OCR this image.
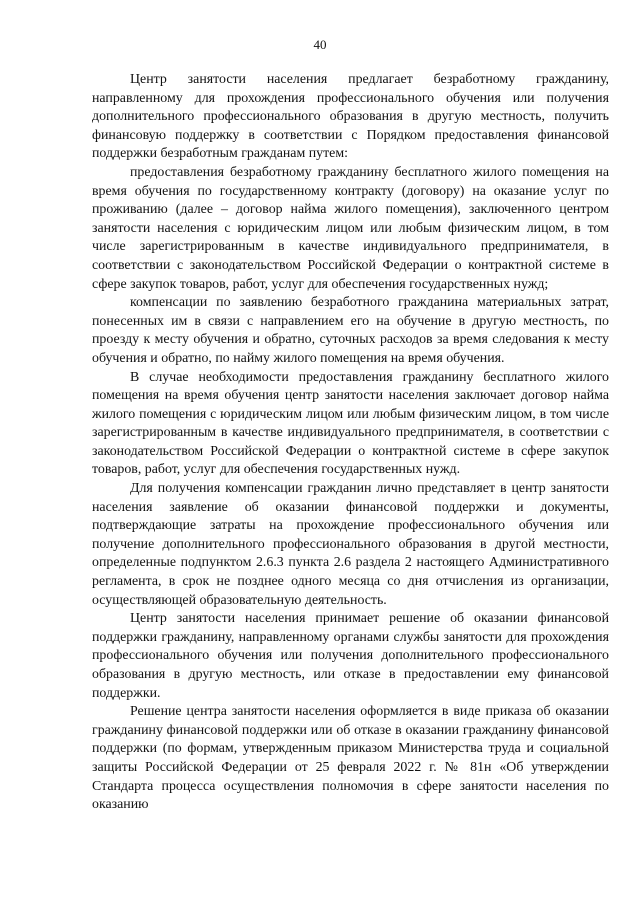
40

Центр занятости населения предлагает безработному гражданину, направленному для прохождения профессионального обучения или получения дополнительного профессионального образования в другую местность, получить финансовую поддержку в соответствии с Порядком предоставления финансовой поддержки безработным гражданам путем:

предоставления безработному гражданину бесплатного жилого помещения на время обучения по государственному контракту (договору) на оказание услуг по проживанию (далее – договор найма жилого помещения), заключенного центром занятости населения с юридическим лицом или любым физическим лицом, в том числе зарегистрированным в качестве индивидуального предпринимателя, в соответствии с законодательством Российской Федерации о контрактной системе в сфере закупок товаров, работ, услуг для обеспечения государственных нужд;

компенсации по заявлению безработного гражданина материальных затрат, понесенных им в связи с направлением его на обучение в другую местность, по проезду к месту обучения и обратно, суточных расходов за время следования к месту обучения и обратно, по найму жилого помещения на время обучения.

В случае необходимости предоставления гражданину бесплатного жилого помещения на время обучения центр занятости населения заключает договор найма жилого помещения с юридическим лицом или любым физическим лицом, в том числе зарегистрированным в качестве индивидуального предпринимателя, в соответствии с законодательством Российской Федерации о контрактной системе в сфере закупок товаров, работ, услуг для обеспечения государственных нужд.

Для получения компенсации гражданин лично представляет в центр занятости населения заявление об оказании финансовой поддержки и документы, подтверждающие затраты на прохождение профессионального обучения или получение дополнительного профессионального образования в другой местности, определенные подпунктом 2.6.3 пункта 2.6 раздела 2 настоящего Административного регламента, в срок не позднее одного месяца со дня отчисления из организации, осуществляющей образовательную деятельность.

Центр занятости населения принимает решение об оказании финансовой поддержки гражданину, направленному органами службы занятости для прохождения профессионального обучения или получения дополнительного профессионального образования в другую местность, или отказе в предоставлении ему финансовой поддержки.

Решение центра занятости населения оформляется в виде приказа об оказании гражданину финансовой поддержки или об отказе в оказании гражданину финансовой поддержки (по формам, утвержденным приказом Министерства труда и социальной защиты Российской Федерации от 25 февраля 2022 г. № 81н «Об утверждении Стандарта процесса осуществления полномочия в сфере занятости населения по оказанию
